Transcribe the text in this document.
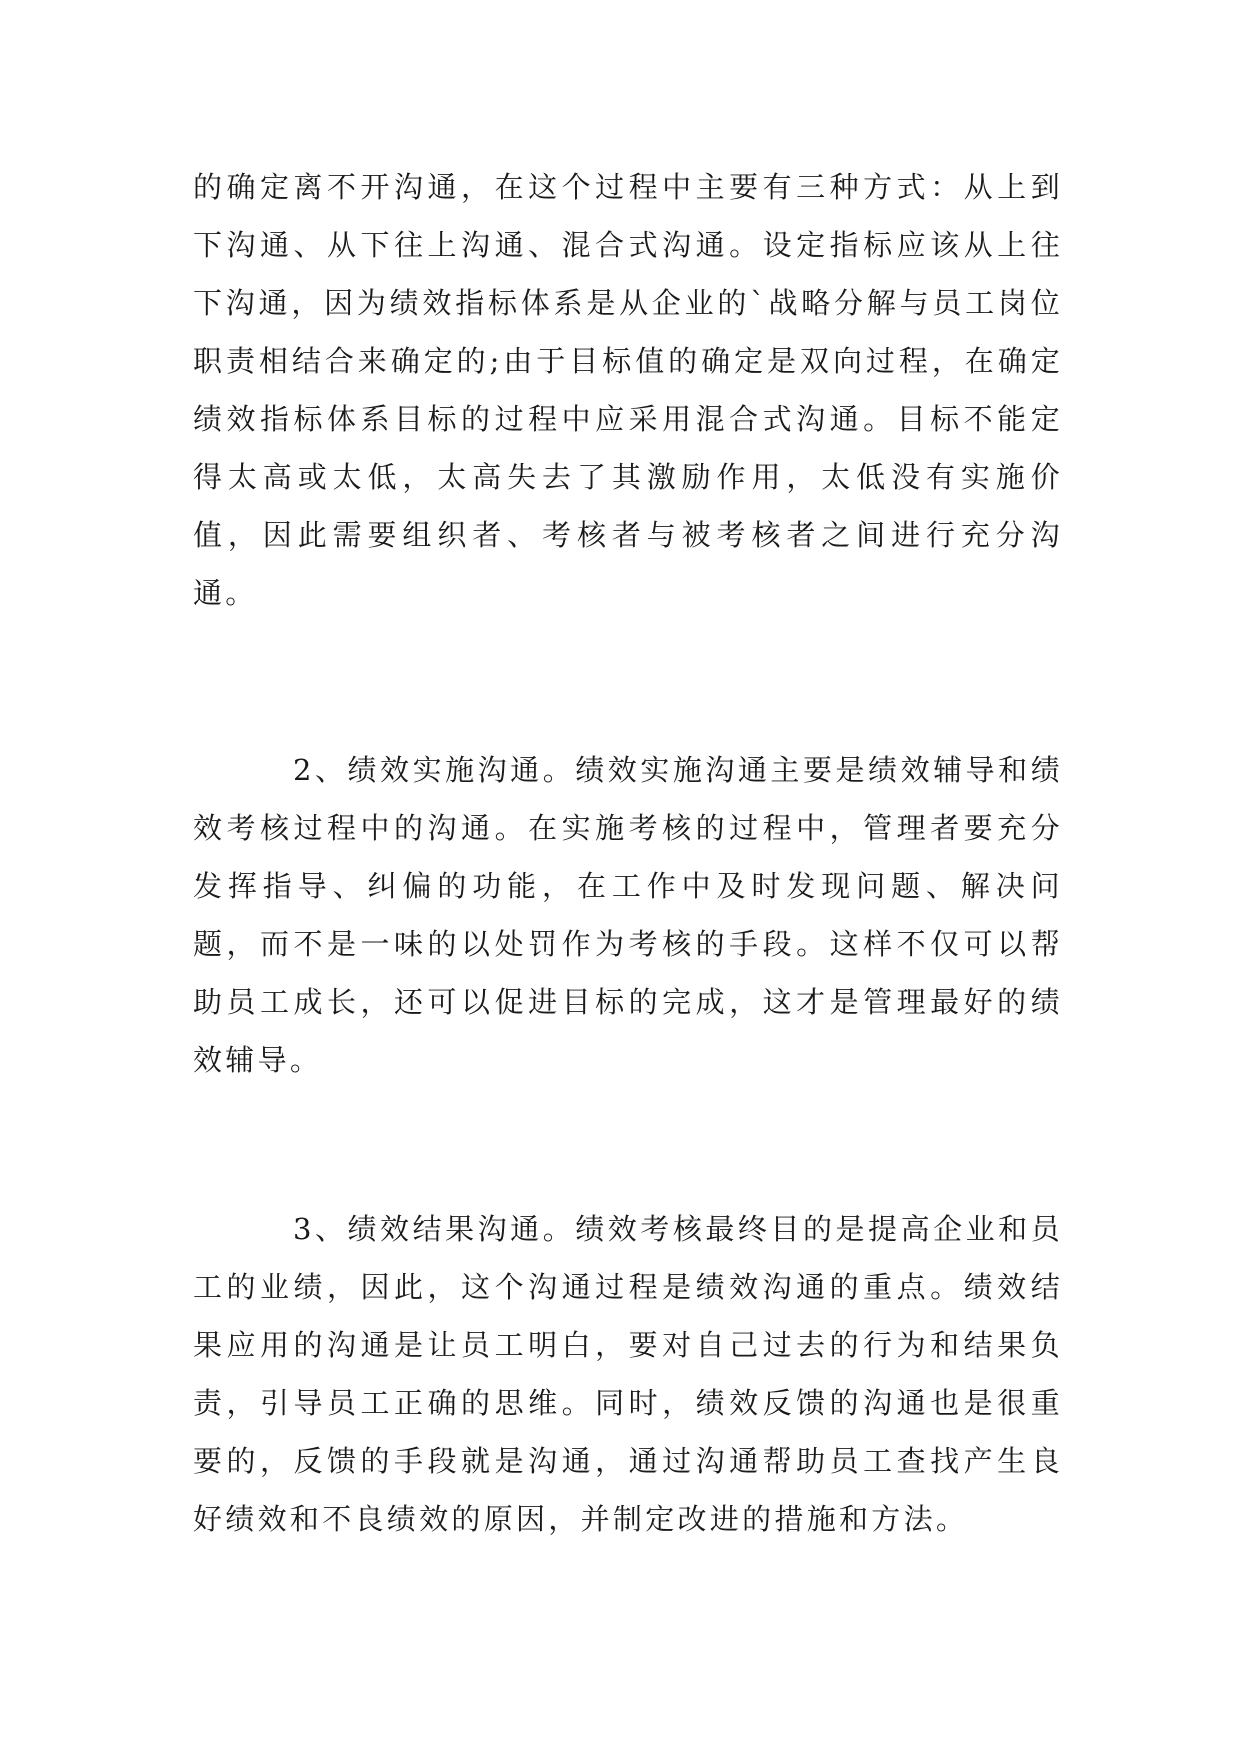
的确定离不开沟通，在这个过程中主要有三种方式：从上到下沟通、从下往上沟通、混合式沟通。设定指标应该从上往下沟通，因为绩效指标体系是从企业的`战略分解与员工岗位职责相结合来确定的;由于目标值的确定是双向过程，在确定绩效指标体系目标的过程中应采用混合式沟通。目标不能定得太高或太低，太高失去了其激励作用，太低没有实施价值，因此需要组织者、考核者与被考核者之间进行充分沟通。

2、绩效实施沟通。绩效实施沟通主要是绩效辅导和绩效考核过程中的沟通。在实施考核的过程中，管理者要充分发挥指导、纠偏的功能，在工作中及时发现问题、解决问题，而不是一味的以处罚作为考核的手段。这样不仅可以帮助员工成长，还可以促进目标的完成，这才是管理最好的绩效辅导。

3、绩效结果沟通。绩效考核最终目的是提高企业和员工的业绩，因此，这个沟通过程是绩效沟通的重点。绩效结果应用的沟通是让员工明白，要对自己过去的行为和结果负责，引导员工正确的思维。同时，绩效反馈的沟通也是很重要的，反馈的手段就是沟通，通过沟通帮助员工查找产生良好绩效和不良绩效的原因，并制定改进的措施和方法。
